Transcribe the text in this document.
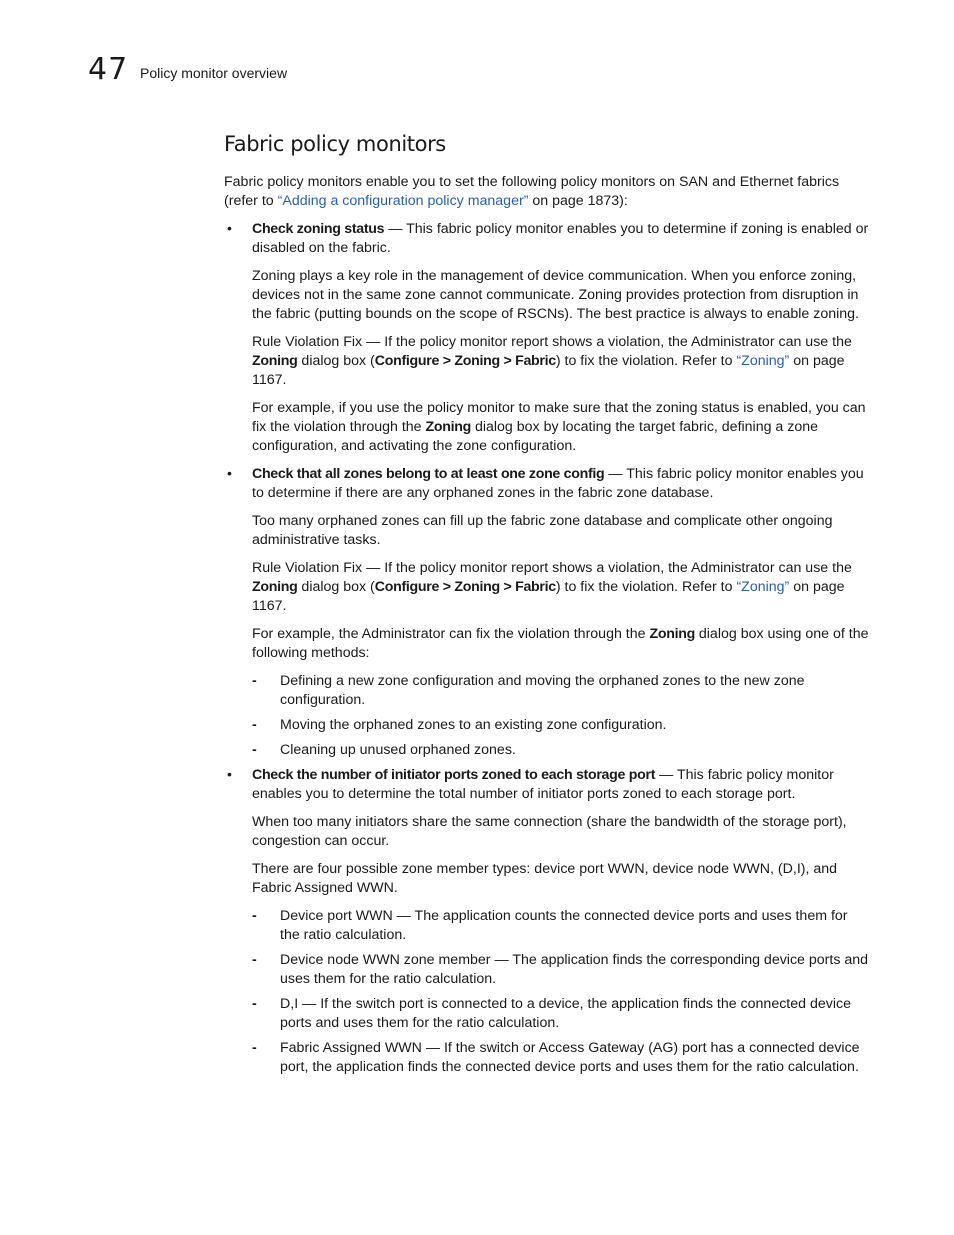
47 Policy monitor overview
Fabric policy monitors

Fabric policy monitors enable you to set the following policy monitors on SAN and Ethernet fabrics (refer to “Adding a configuration policy manager” on page 1873):

• Check zoning status — This fabric policy monitor enables you to determine if zoning is enabled or disabled on the fabric.

Zoning plays a key role in the management of device communication. When you enforce zoning, devices not in the same zone cannot communicate. Zoning provides protection from disruption in the fabric (putting bounds on the scope of RSCNs). The best practice is always to enable zoning.

Rule Violation Fix — If the policy monitor report shows a violation, the Administrator can use the Zoning dialog box (Configure > Zoning > Fabric) to fix the violation. Refer to “Zoning” on page 1167.

For example, if you use the policy monitor to make sure that the zoning status is enabled, you can fix the violation through the Zoning dialog box by locating the target fabric, defining a zone configuration, and activating the zone configuration.

• Check that all zones belong to at least one zone config — This fabric policy monitor enables you to determine if there are any orphaned zones in the fabric zone database.

Too many orphaned zones can fill up the fabric zone database and complicate other ongoing administrative tasks.

Rule Violation Fix — If the policy monitor report shows a violation, the Administrator can use the Zoning dialog box (Configure > Zoning > Fabric) to fix the violation. Refer to “Zoning” on page 1167.

For example, the Administrator can fix the violation through the Zoning dialog box using one of the following methods:

- Defining a new zone configuration and moving the orphaned zones to the new zone configuration.
- Moving the orphaned zones to an existing zone configuration.
- Cleaning up unused orphaned zones.
• Check the number of initiator ports zoned to each storage port — This fabric policy monitor enables you to determine the total number of initiator ports zoned to each storage port.

When too many initiators share the same connection (share the bandwidth of the storage port), congestion can occur.

There are four possible zone member types: device port WWN, device node WWN, (D,I), and Fabric Assigned WWN.

- Device port WWN — The application counts the connected device ports and uses them for the ratio calculation.
- Device node WWN zone member — The application finds the corresponding device ports and uses them for the ratio calculation.
- D,I — If the switch port is connected to a device, the application finds the connected device ports and uses them for the ratio calculation.
- Fabric Assigned WWN — If the switch or Access Gateway (AG) port has a connected device port, the application finds the connected device ports and uses them for the ratio calculation.
